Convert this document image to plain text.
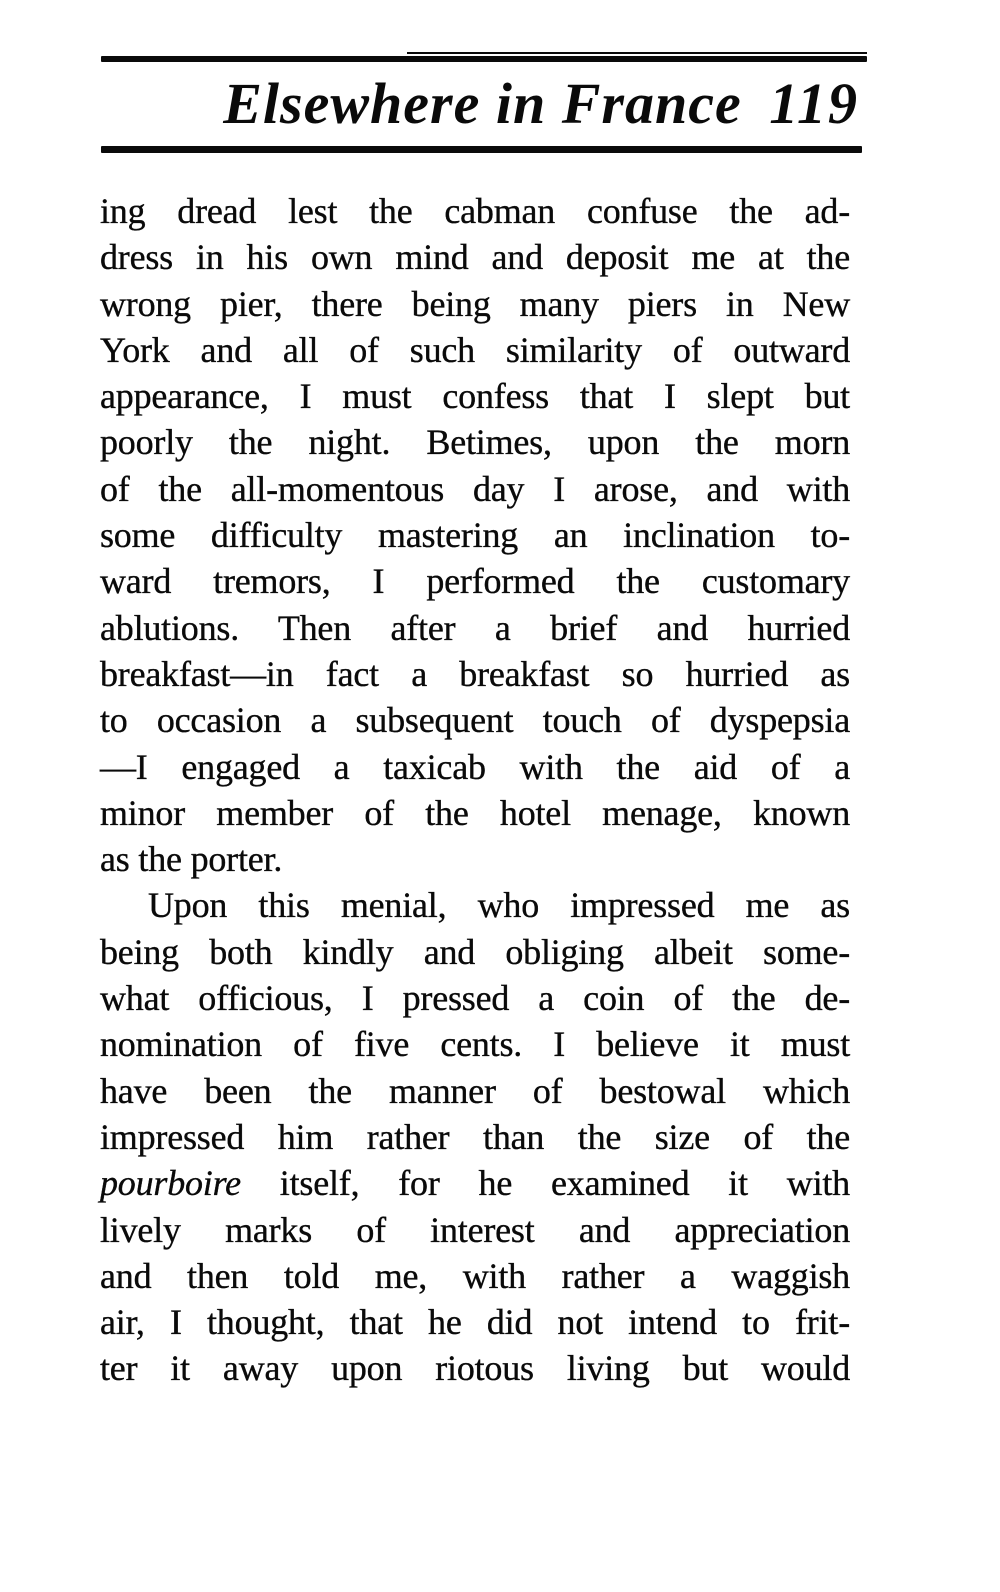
Elsewhere in France 119
ing dread lest the cabman confuse the ad-
dress in his own mind and deposit me at the
wrong pier, there being many piers in New
York and all of such similarity of outward
appearance, I must confess that I slept but
poorly the night. Betimes, upon the morn
of the all-momentous day I arose, and with
some difficulty mastering an inclination to-
ward tremors, I performed the customary
ablutions. Then after a brief and hurried
breakfast—in fact a breakfast so hurried as
to occasion a subsequent touch of dyspepsia
—I engaged a taxicab with the aid of a
minor member of the hotel menage, known
as the porter.
Upon this menial, who impressed me as
being both kindly and obliging albeit some-
what officious, I pressed a coin of the de-
nomination of five cents. I believe it must
have been the manner of bestowal which
impressed him rather than the size of the
pourboire itself, for he examined it with
lively marks of interest and appreciation
and then told me, with rather a waggish
air, I thought, that he did not intend to frit-
ter it away upon riotous living but would
